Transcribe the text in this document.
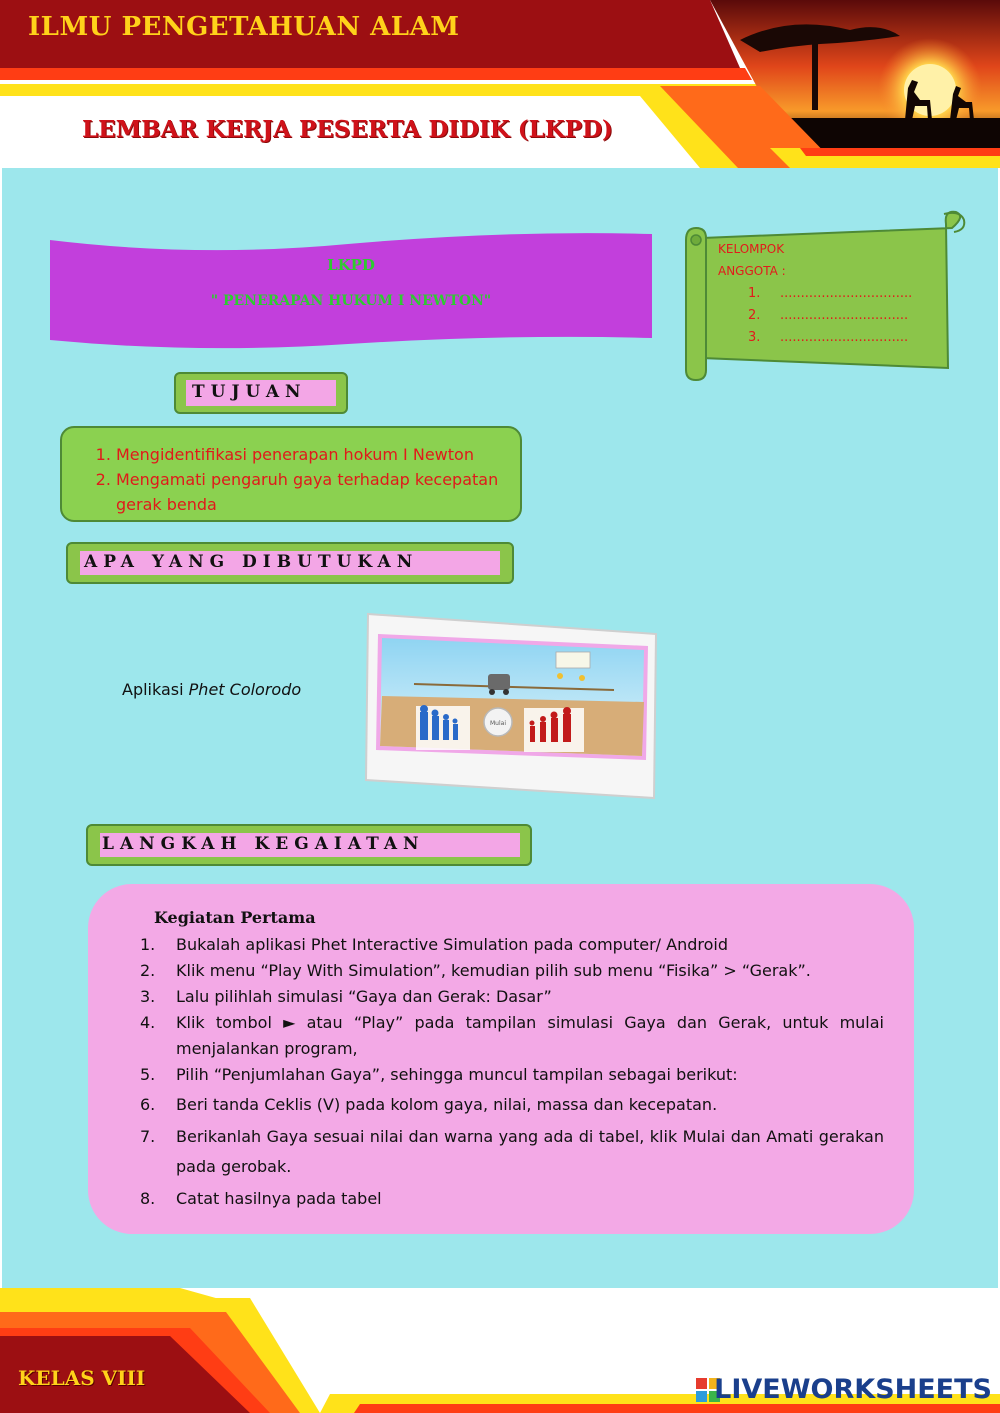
ILMU PENGETAHUAN ALAM
LEMBAR KERJA PESERTA DIDIK (LKPD)
LKPD
" PENERAPAN HUKUM I NEWTON"
KELOMPOK
ANGGOTA :
1. ................................
2. ...............................
3. ...............................
TUJUAN
1. Mengidentifikasi penerapan hokum I Newton
2. Mengamati pengaruh gaya terhadap kecepatan gerak benda
APA YANG DIBUTUKAN
Aplikasi Phet Colorodo
Mulai
LANGKAH KEGAIATAN
Kegiatan Pertama
1. Bukalah aplikasi Phet Interactive Simulation pada computer/ Android
2. Klik menu “Play With Simulation”, kemudian pilih sub menu “Fisika” > “Gerak”.
3. Lalu pilihlah simulasi “Gaya dan Gerak: Dasar”
4. Klik tombol ► atau “Play” pada tampilan simulasi Gaya dan Gerak, untuk mulai menjalankan program,
5. Pilih “Penjumlahan Gaya”, sehingga muncul tampilan sebagai berikut:
6. Beri tanda Ceklis (V) pada kolom gaya, nilai, massa dan kecepatan.
7. Berikanlah Gaya sesuai nilai dan warna yang ada di tabel, klik Mulai dan Amati gerakan pada gerobak.
8. Catat hasilnya pada tabel
KELAS VIII	LIVEWORKSHEETS
